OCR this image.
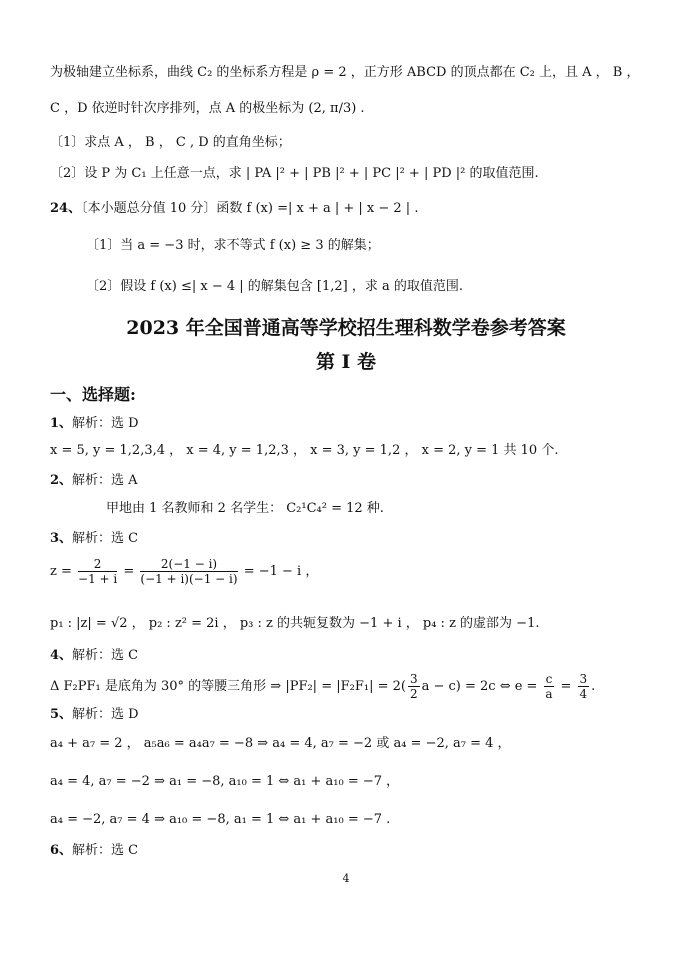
为极轴建立坐标系，曲线 C₂ 的坐标系方程是 ρ = 2 ，正方形 ABCD 的顶点都在 C₂ 上，且 A ， B ，
C ，D 依逆时针次序排列，点 A 的极坐标为 (2, π/3) .
〔1〕求点 A ， B ， C , D 的直角坐标；
〔2〕设 P 为 C₁ 上任意一点，求 | PA |² + | PB |² + | PC |² + | PD |² 的取值范围.
24、〔本小题总分值 10 分〕函数 f (x) =| x + a | + | x − 2 | .
〔1〕当 a = −3 时，求不等式 f (x) ≥ 3 的解集；
〔2〕假设 f (x) ≤| x − 4 | 的解集包含 [1,2] ，求 a 的取值范围.
2023 年全国普通高等学校招生理科数学卷参考答案
第 I 卷
一、选择题:
1、解析：选 D
x = 5, y = 1,2,3,4 ， x = 4, y = 1,2,3 ， x = 3, y = 1,2 ， x = 2, y = 1 共 10 个.
2、解析：选 A
甲地由 1 名教师和 2 名学生： C₂¹C₄² = 12 种.
3、解析：选 C
$z = \frac{2}{-1 + i} = \frac{2(-1 - i)}{(-1 + i)(-1 - i)} = -1 - i$ ，
p₁ : |z| = √2 ， p₂ : z² = 2i ， p₃ : z 的共轭复数为 −1 + i ， p₄ : z 的虚部为 −1.
4、解析：选 C
Δ F₂PF₁ 是底角为 30° 的等腰三角形 ⇒ $|PF_2| = |F_2F_1| = 2( \frac{3}{2}$ a − c) = 2c ⇔ $e = \frac{c}{a} = \frac{3}{4}$ .
5、解析：选 D
a₄ + a₇ = 2 ， a₅a₆ = a₄a₇ = −8 ⇒ a₄ = 4, a₇ = −2 或 a₄ = −2, a₇ = 4 ，
a₄ = 4, a₇ = −2 ⇒ a₁ = −8, a₁₀ = 1 ⇔ a₁ + a₁₀ = −7 ，
a₄ = −2, a₇ = 4 ⇒ a₁₀ = −8, a₁ = 1 ⇔ a₁ + a₁₀ = −7 .
6、解析：选 C
4
